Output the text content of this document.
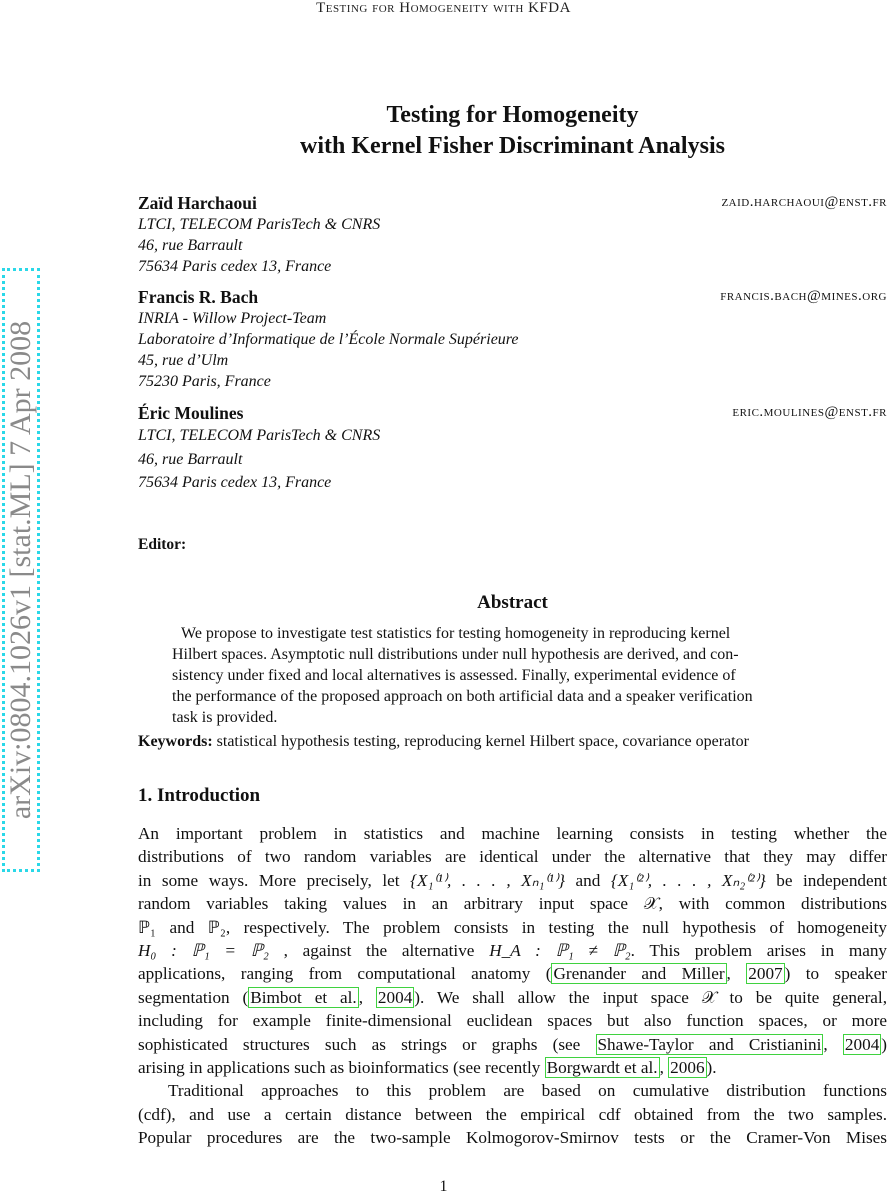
Testing for Homogeneity with KFDA
arXiv:0804.1026v1 [stat.ML] 7 Apr 2008
Testing for Homogeneity
with Kernel Fisher Discriminant Analysis
Zaïd Harchaoui	zaid.harchaoui@enst.fr
LTCI, TELECOM ParisTech & CNRS
46, rue Barrault
75634 Paris cedex 13, France
Francis R. Bach	francis.bach@mines.org
INRIA - Willow Project-Team
Laboratoire d’Informatique de l’École Normale Supérieure
45, rue d’Ulm
75230 Paris, France
Éric Moulines	eric.moulines@enst.fr
LTCI, TELECOM ParisTech & CNRS
46, rue Barrault
75634 Paris cedex 13, France
Editor:
Abstract
We propose to investigate test statistics for testing homogeneity in reproducing kernel
Hilbert spaces. Asymptotic null distributions under null hypothesis are derived, and con-
sistency under fixed and local alternatives is assessed. Finally, experimental evidence of
the performance of the proposed approach on both artificial data and a speaker verification
task is provided.
Keywords: statistical hypothesis testing, reproducing kernel Hilbert space, covariance operator
1. Introduction
An important problem in statistics and machine learning consists in testing whether the
distributions of two random variables are identical under the alternative that they may differ
in some ways. More precisely, let {X₁⁽¹⁾, . . . , Xₙ₁⁽¹⁾} and {X₁⁽²⁾, . . . , Xₙ₂⁽²⁾} be independent
random variables taking values in an arbitrary input space 𝒳, with common distributions
ℙ₁ and ℙ₂, respectively. The problem consists in testing the null hypothesis of homogeneity
H₀ : ℙ₁ = ℙ₂ , against the alternative H_A : ℙ₁ ≠ ℙ₂. This problem arises in many
applications, ranging from computational anatomy ( Grenander and Miller , 2007 ) to speaker
segmentation ( Bimbot et al. , 2004 ). We shall allow the input space 𝒳 to be quite general,
including for example finite-dimensional euclidean spaces but also function spaces, or more
sophisticated structures such as strings or graphs (see Shawe-Taylor and Cristianini , 2004 )
arising in applications such as bioinformatics (see recently Borgwardt et al. , 2006 ).
Traditional approaches to this problem are based on cumulative distribution functions
(cdf), and use a certain distance between the empirical cdf obtained from the two samples.
Popular procedures are the two-sample Kolmogorov-Smirnov tests or the Cramer-Von Mises
1
